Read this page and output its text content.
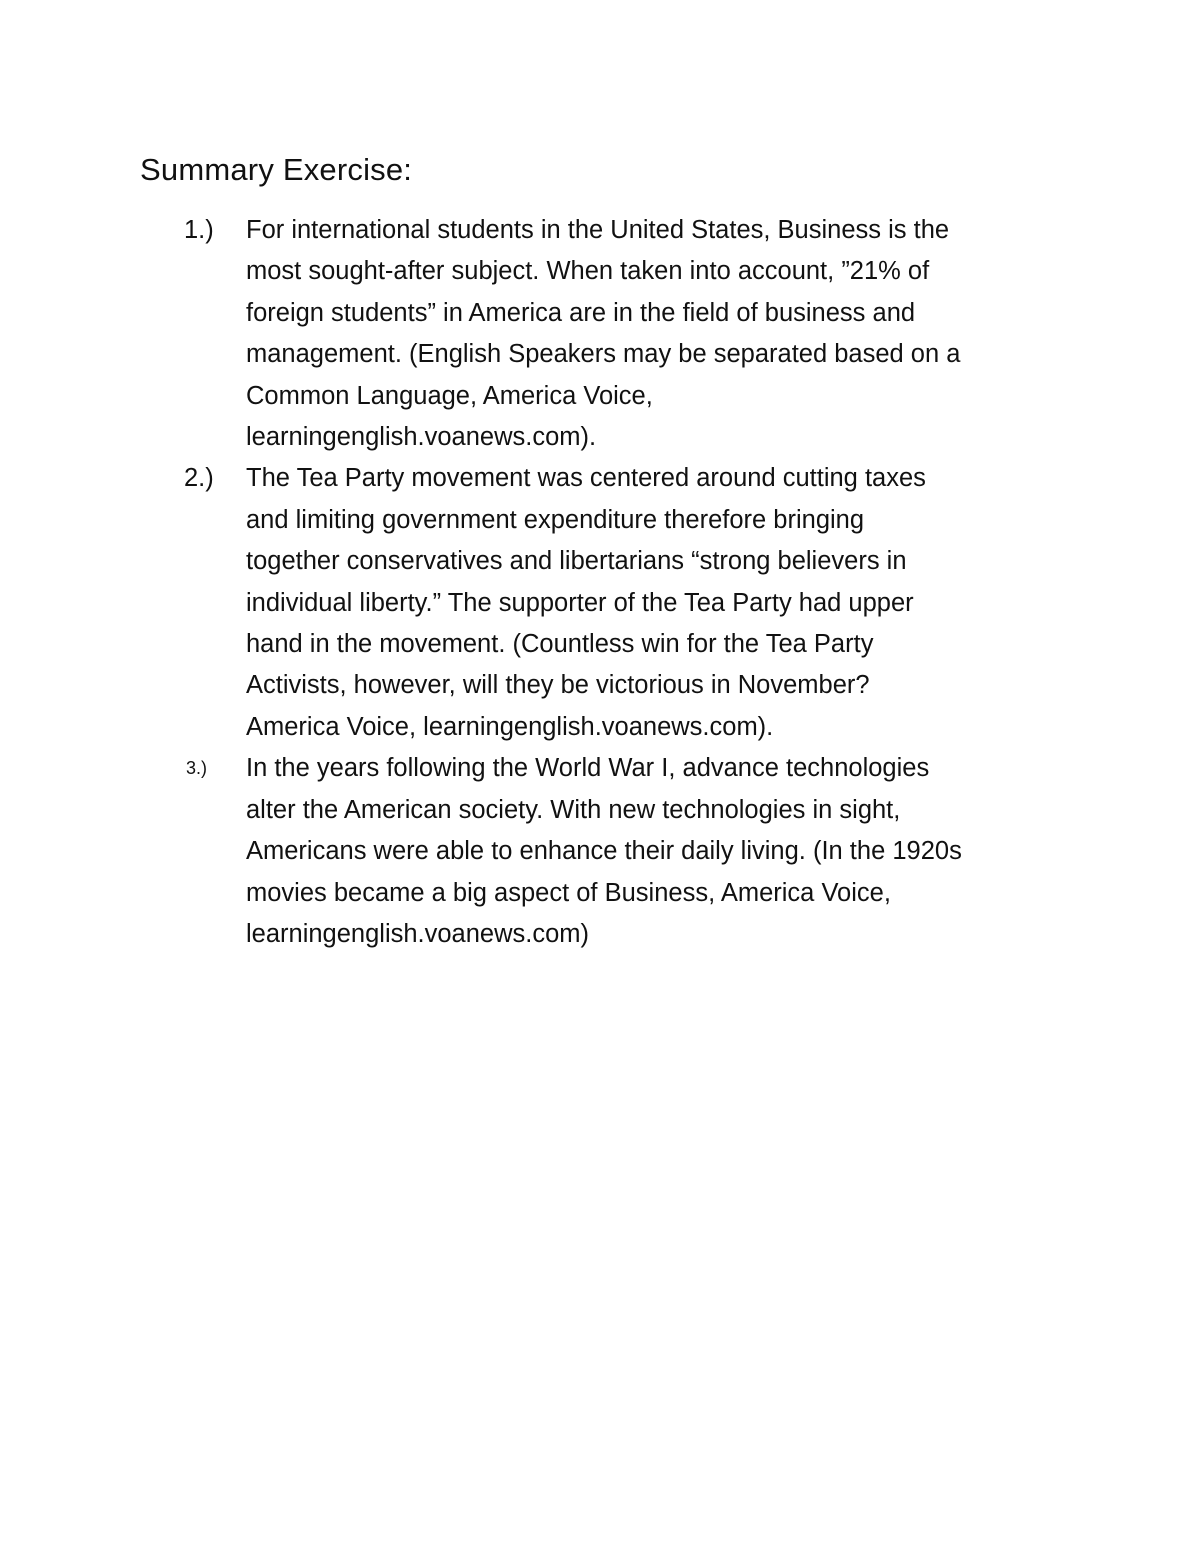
Summary Exercise:
1.) For international students in the United States, Business is the
most sought-after subject. When taken into account, ”21% of
foreign students” in America are in the field of business and
management. (English Speakers may be separated based on a
Common Language, America Voice,
learningenglish.voanews.com).
2.) The Tea Party movement was centered around cutting taxes
and limiting government expenditure therefore bringing
together conservatives and libertarians “strong believers in
individual liberty.” The supporter of the Tea Party had upper
hand in the movement. (Countless win for the Tea Party
Activists, however, will they be victorious in November?
America Voice, learningenglish.voanews.com).
3.) In the years following the World War I, advance technologies
alter the American society. With new technologies in sight,
Americans were able to enhance their daily living. (In the 1920s
movies became a big aspect of Business, America Voice,
learningenglish.voanews.com)
